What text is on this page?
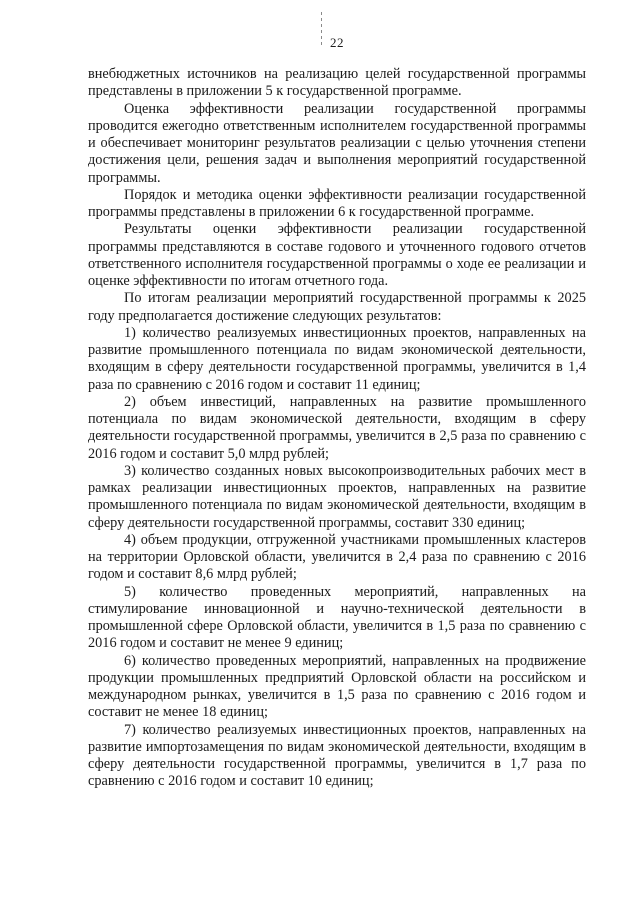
22

внебюджетных источников на реализацию целей государственной программы представлены в приложении 5 к государственной программе.

Оценка эффективности реализации государственной программы проводится ежегодно ответственным исполнителем государственной программы и обеспечивает мониторинг результатов реализации с целью уточнения степени достижения цели, решения задач и выполнения мероприятий государственной программы.

Порядок и методика оценки эффективности реализации государственной программы представлены в приложении 6 к государственной программе.

Результаты оценки эффективности реализации государственной программы представляются в составе годового и уточненного годового отчетов ответственного исполнителя государственной программы о ходе ее реализации и оценке эффективности по итогам отчетного года.

По итогам реализации мероприятий государственной программы к 2025 году предполагается достижение следующих результатов:

1) количество реализуемых инвестиционных проектов, направленных на развитие промышленного потенциала по видам экономической деятельности, входящим в сферу деятельности государственной программы, увеличится в 1,4 раза по сравнению с 2016 годом и составит 11 единиц;

2) объем инвестиций, направленных на развитие промышленного потенциала по видам экономической деятельности, входящим в сферу деятельности государственной программы, увеличится в 2,5 раза по сравнению с 2016 годом и составит 5,0 млрд рублей;

3) количество созданных новых высокопроизводительных рабочих мест в рамках реализации инвестиционных проектов, направленных на развитие промышленного потенциала по видам экономической деятельности, входящим в сферу деятельности государственной программы, составит 330 единиц;

4) объем продукции, отгруженной участниками промышленных кластеров на территории Орловской области, увеличится в 2,4 раза по сравнению с 2016 годом и составит 8,6 млрд рублей;

5) количество проведенных мероприятий, направленных на стимулирование инновационной и научно-технической деятельности в промышленной сфере Орловской области, увеличится в 1,5 раза по сравнению с 2016 годом и составит не менее 9 единиц;

6) количество проведенных мероприятий, направленных на продвижение продукции промышленных предприятий Орловской области на российском и международном рынках, увеличится в 1,5 раза по сравнению с 2016 годом и составит не менее 18 единиц;

7) количество реализуемых инвестиционных проектов, направленных на развитие импортозамещения по видам экономической деятельности, входящим в сферу деятельности государственной программы, увеличится в 1,7 раза по сравнению с 2016 годом и составит 10 единиц;
